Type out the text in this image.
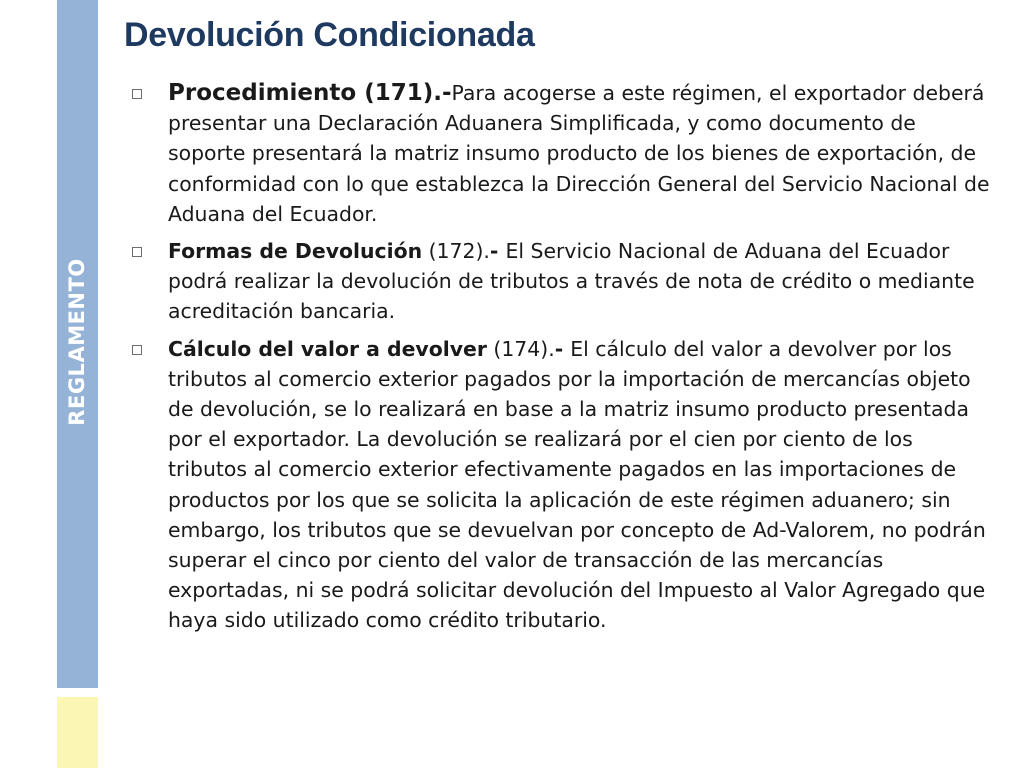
REGLAMENTO
Devolución Condicionada
Procedimiento (171).-Para acogerse a este régimen, el exportador deberá presentar una Declaración Aduanera Simplificada, y como documento de soporte presentará la matriz insumo producto de los bienes de exportación, de conformidad con lo que establezca la Dirección General del Servicio Nacional de Aduana del Ecuador.
Formas de Devolución (172).- El Servicio Nacional de Aduana del Ecuador podrá realizar la devolución de tributos a través de nota de crédito o mediante acreditación bancaria.
Cálculo del valor a devolver (174).- El cálculo del valor a devolver por los tributos al comercio exterior pagados por la importación de mercancías objeto de devolución, se lo realizará en base a la matriz insumo producto presentada por el exportador. La devolución se realizará por el cien por ciento de los tributos al comercio exterior efectivamente pagados en las importaciones de productos por los que se solicita la aplicación de este régimen aduanero; sin embargo, los tributos que se devuelvan por concepto de Ad-Valorem, no podrán superar el cinco por ciento del valor de transacción de las mercancías exportadas, ni se podrá solicitar devolución del Impuesto al Valor Agregado que haya sido utilizado como crédito tributario.
